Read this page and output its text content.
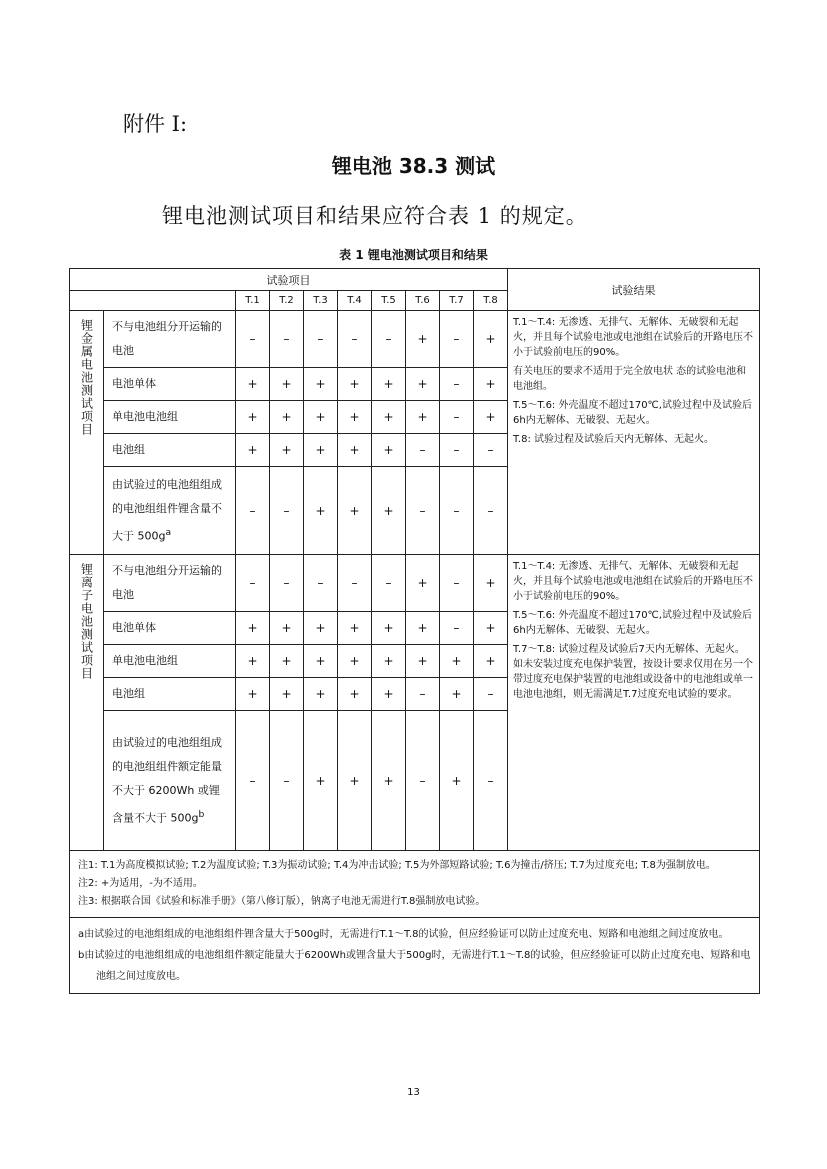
附件 I:
锂电池 38.3 测试
锂电池测试项目和结果应符合表 1 的规定。
表 1 锂电池测试项目和结果
试验项目										试验结果
		T.1	T.2	T.3	T.4	T.5	T.6	T.7	T.8	

锂金属电池测试项目	不与电池组分开运输的电池	–	–	–	–	–	+	–	+	T.1～T.4: 无渗透、无排气、无解体、无破裂和无起火，并且每个试验电池或电池组在试验后的开路电压不小于试验前电压的90%。

有关电压的要求不适用于完全放电状 态的试验电池和电池组。

T.5～T.6: 外壳温度不超过170℃,试验过程中及试验后6h内无解体、无破裂、无起火。

T.8: 试验过程及试验后天内无解体、无起火。

	电池单体	+	+	+	+	+	+	–	+	
	单电池电池组	+	+	+	+	+	+	–	+	
	电池组	+	+	+	+	+	–	–	–	
	由试验过的电池组组成的电池组组件锂含量不大于 $500g^a$	–	–	+	+	+	–	–	–	

锂离子电池测试项目	不与电池组分开运输的电池	–	–	–	–	–	+	–	+	T.1～T.4: 无渗透、无排气、无解体、无破裂和无起火，并且每个试验电池或电池组在试验后的开路电压不小于试验前电压的90%。

T.5～T.6: 外壳温度不超过170℃,试验过程中及试验后6h内无解体、无破裂、无起火。

T.7～T.8: 试验过程及试验后7天内无解体、无起火。

如未安装过度充电保护装置，按设计要求仅用在另一个带过度充电保护装置的电池组或设备中的电池组或单一电池电池组，则无需满足T.7过度充电试验的要求。

	电池单体	+	+	+	+	+	+	–	+	
	单电池电池组	+	+	+	+	+	+	+	+	
	电池组	+	+	+	+	+	–	+	–	
	由试验过的电池组组成的电池组组件额定能量不大于 6200Wh 或锂含量不大于 $500g^b$	–	–	+	+	+	–	+	–	

注1: T.1为高度模拟试验; T.2为温度试验; T.3为振动试验; T.4为冲击试验; T.5为外部短路试验; T.6为撞击/挤压; T.7为过度充电; T.8为强制放电。

注2: +为适用，-为不适用。

注3: 根据联合国《试验和标准手册》（第八修订版），钠离子电池无需进行T.8强制放电试验。										

a由试验过的电池组组成的电池组组件锂含量大于500g时，无需进行T.1～T.8的试验，但应经验证可以防止过度充电、短路和电池组之间过度放电。

b由试验过的电池组组成的电池组组件额定能量大于6200Wh或锂含量大于500g时，无需进行T.1～T.8的试验，但应经验证可以防止过度充电、短路和电池组之间过度放电。										

13
